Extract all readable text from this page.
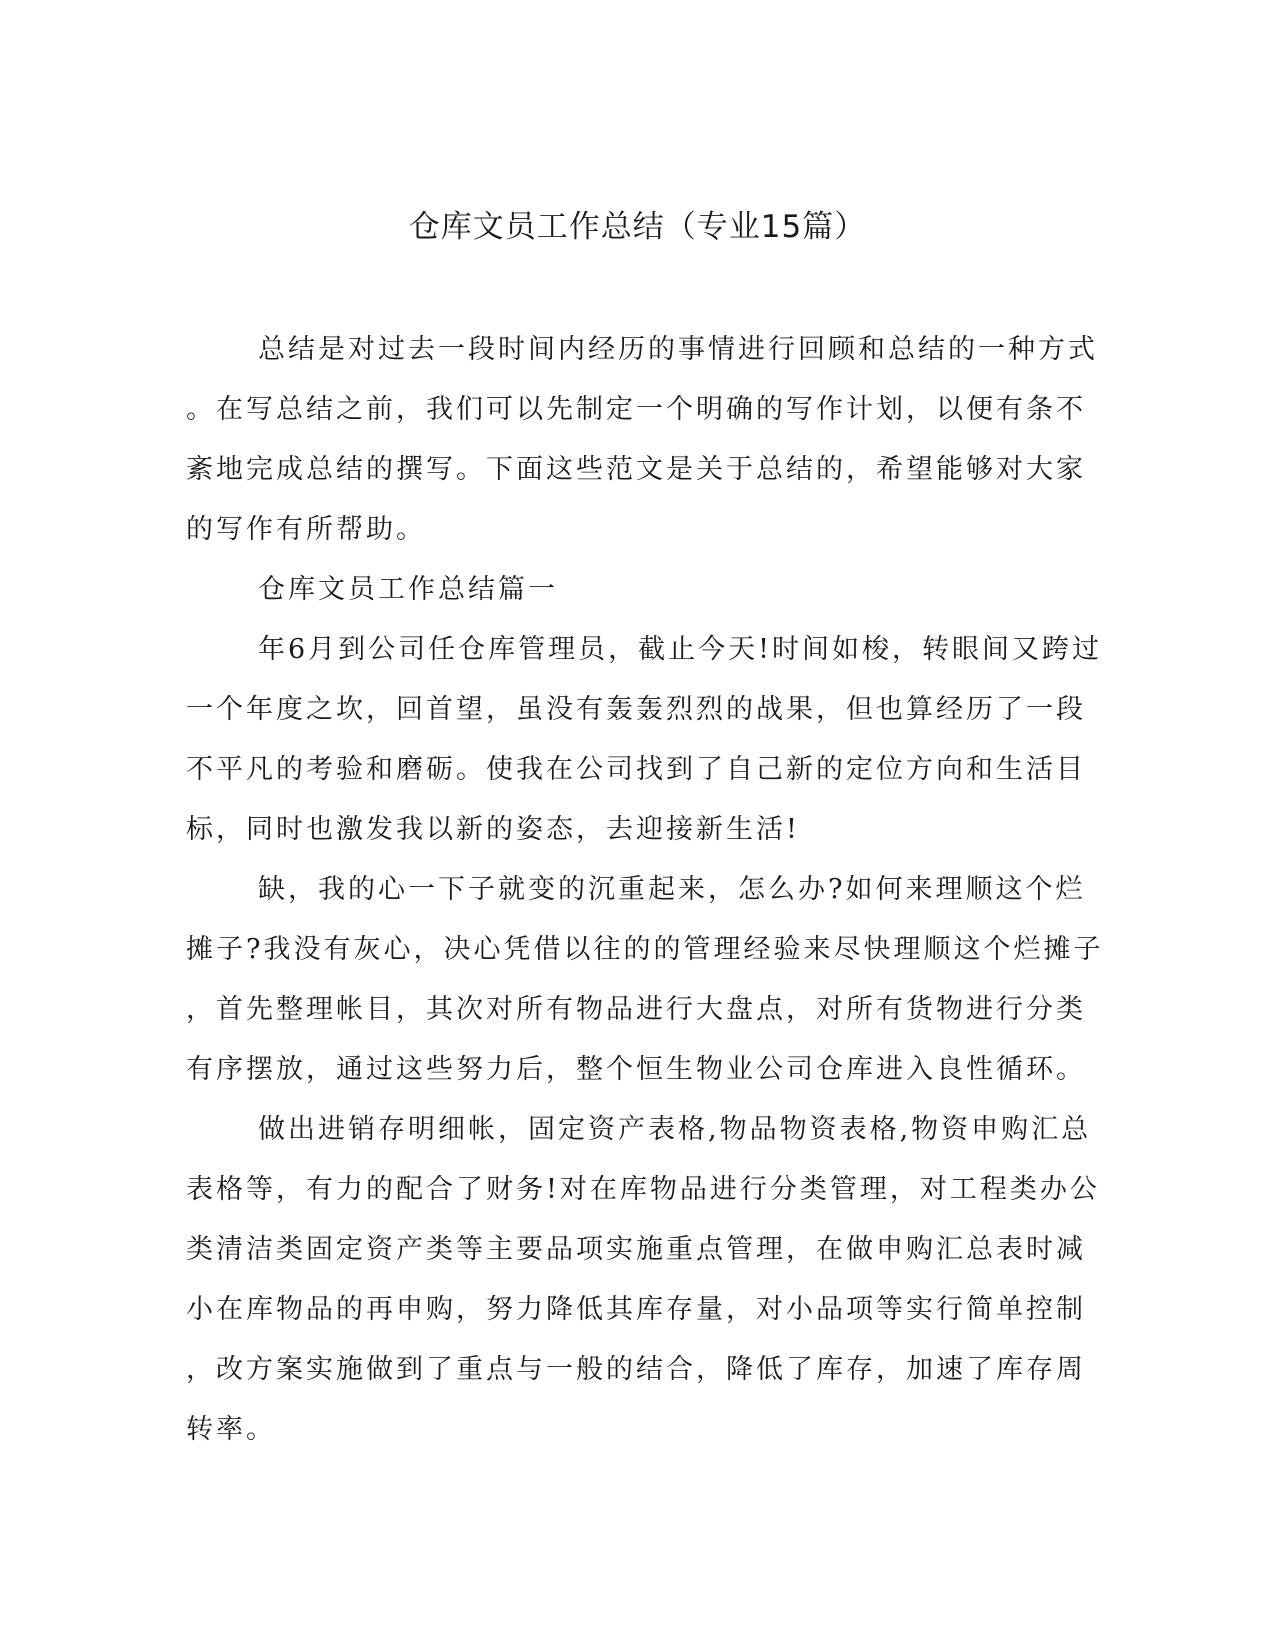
仓库文员工作总结（专业15篇）
总结是对过去一段时间内经历的事情进行回顾和总结的一种方式
。在写总结之前，我们可以先制定一个明确的写作计划，以便有条不
紊地完成总结的撰写。下面这些范文是关于总结的，希望能够对大家
的写作有所帮助。
仓库文员工作总结篇一
年6月到公司任仓库管理员，截止今天!时间如梭，转眼间又跨过
一个年度之坎，回首望，虽没有轰轰烈烈的战果，但也算经历了一段
不平凡的考验和磨砺。使我在公司找到了自己新的定位方向和生活目
标，同时也激发我以新的姿态，去迎接新生活!
缺，我的心一下子就变的沉重起来，怎么办?如何来理顺这个烂
摊子?我没有灰心，决心凭借以往的的管理经验来尽快理顺这个烂摊子
，首先整理帐目，其次对所有物品进行大盘点，对所有货物进行分类
有序摆放，通过这些努力后，整个恒生物业公司仓库进入良性循环。
做出进销存明细帐，固定资产表格,物品物资表格,物资申购汇总
表格等，有力的配合了财务!对在库物品进行分类管理，对工程类办公
类清洁类固定资产类等主要品项实施重点管理，在做申购汇总表时减
小在库物品的再申购，努力降低其库存量，对小品项等实行简单控制
，改方案实施做到了重点与一般的结合，降低了库存，加速了库存周
转率。
